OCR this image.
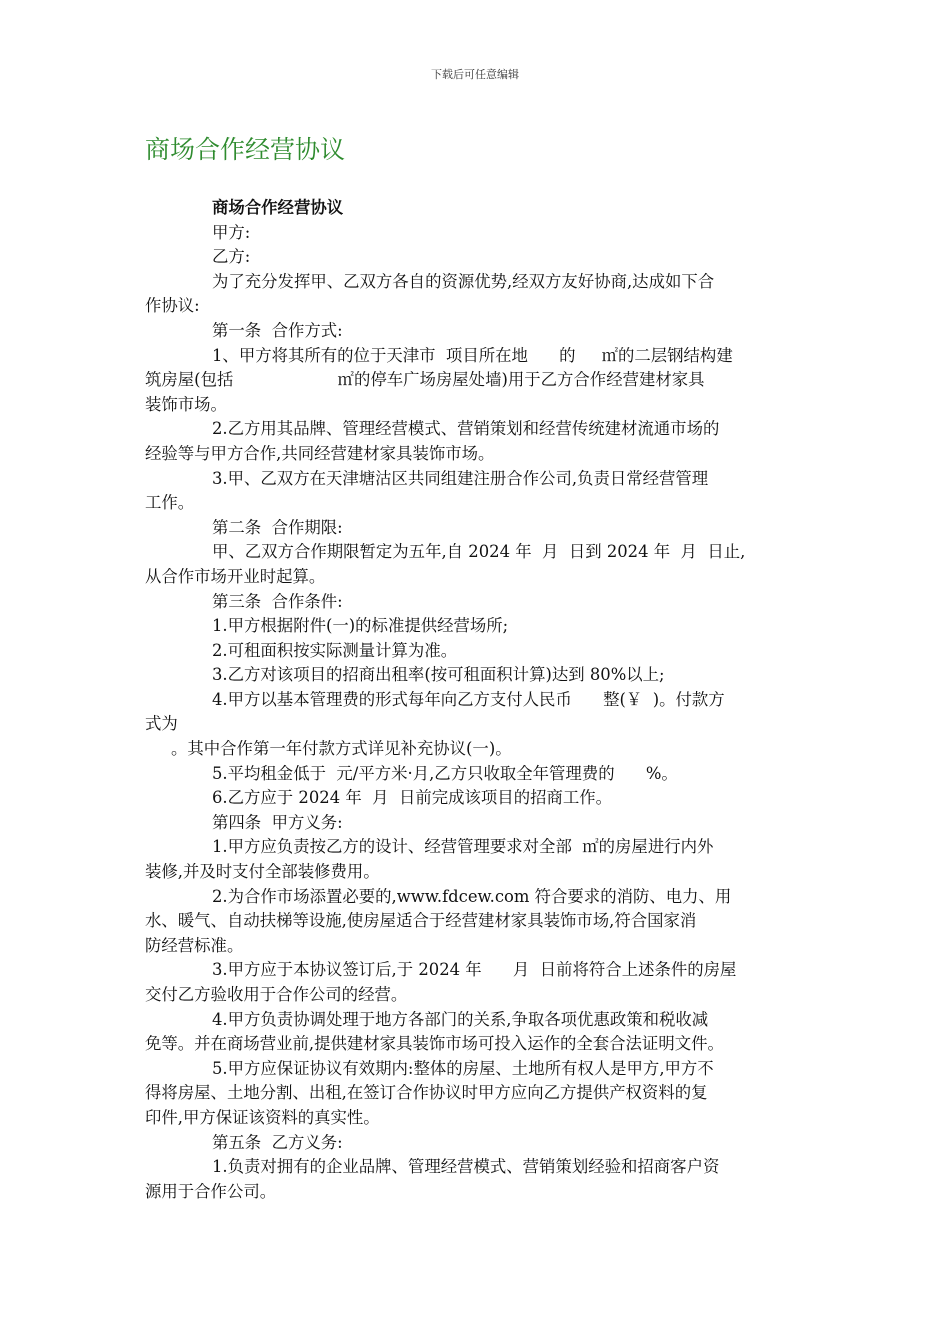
下载后可任意编辑
商场合作经营协议
商场合作经营协议
甲方:
乙方:
为了充分发挥甲、乙双方各自的资源优势,经双方友好协商,达成如下合
作协议:
第一条  合作方式:
1、甲方将其所有的位于天津市  项目所在地      的     ㎡的二层钢结构建
筑房屋(包括                    ㎡的停车广场房屋处墙)用于乙方合作经营建材家具
装饰市场。
2.乙方用其品牌、管理经营模式、营销策划和经营传统建材流通市场的
经验等与甲方合作,共同经营建材家具装饰市场。
3.甲、乙双方在天津塘沽区共同组建注册合作公司,负责日常经营管理
工作。
第二条  合作期限:
甲、乙双方合作期限暂定为五年,自 2024 年  月  日到 2024 年  月  日止,
从合作市场开业时起算。
第三条  合作条件:
1.甲方根据附件(一)的标准提供经营场所;
2.可租面积按实际测量计算为准。
3.乙方对该项目的招商出租率(按可租面积计算)达到 80%以上;
4.甲方以基本管理费的形式每年向乙方支付人民币      整(￥  )。付款方
式为
。其中合作第一年付款方式详见补充协议(一)。
5.平均租金低于  元/平方米·月,乙方只收取全年管理费的      %。
6.乙方应于 2024 年  月  日前完成该项目的招商工作。
第四条  甲方义务:
1.甲方应负责按乙方的设计、经营管理要求对全部  ㎡的房屋进行内外
装修,并及时支付全部装修费用。
2.为合作市场添置必要的,www.fdcew.com 符合要求的消防、电力、用
水、暖气、自动扶梯等设施,使房屋适合于经营建材家具装饰市场,符合国家消
防经营标准。
3.甲方应于本协议签订后,于 2024 年      月  日前将符合上述条件的房屋
交付乙方验收用于合作公司的经营。
4.甲方负责协调处理于地方各部门的关系,争取各项优惠政策和税收减
免等。并在商场营业前,提供建材家具装饰市场可投入运作的全套合法证明文件。
5.甲方应保证协议有效期内:整体的房屋、土地所有权人是甲方,甲方不
得将房屋、土地分割、出租,在签订合作协议时甲方应向乙方提供产权资料的复
印件,甲方保证该资料的真实性。
第五条  乙方义务:
1.负责对拥有的企业品牌、管理经营模式、营销策划经验和招商客户资
源用于合作公司。
